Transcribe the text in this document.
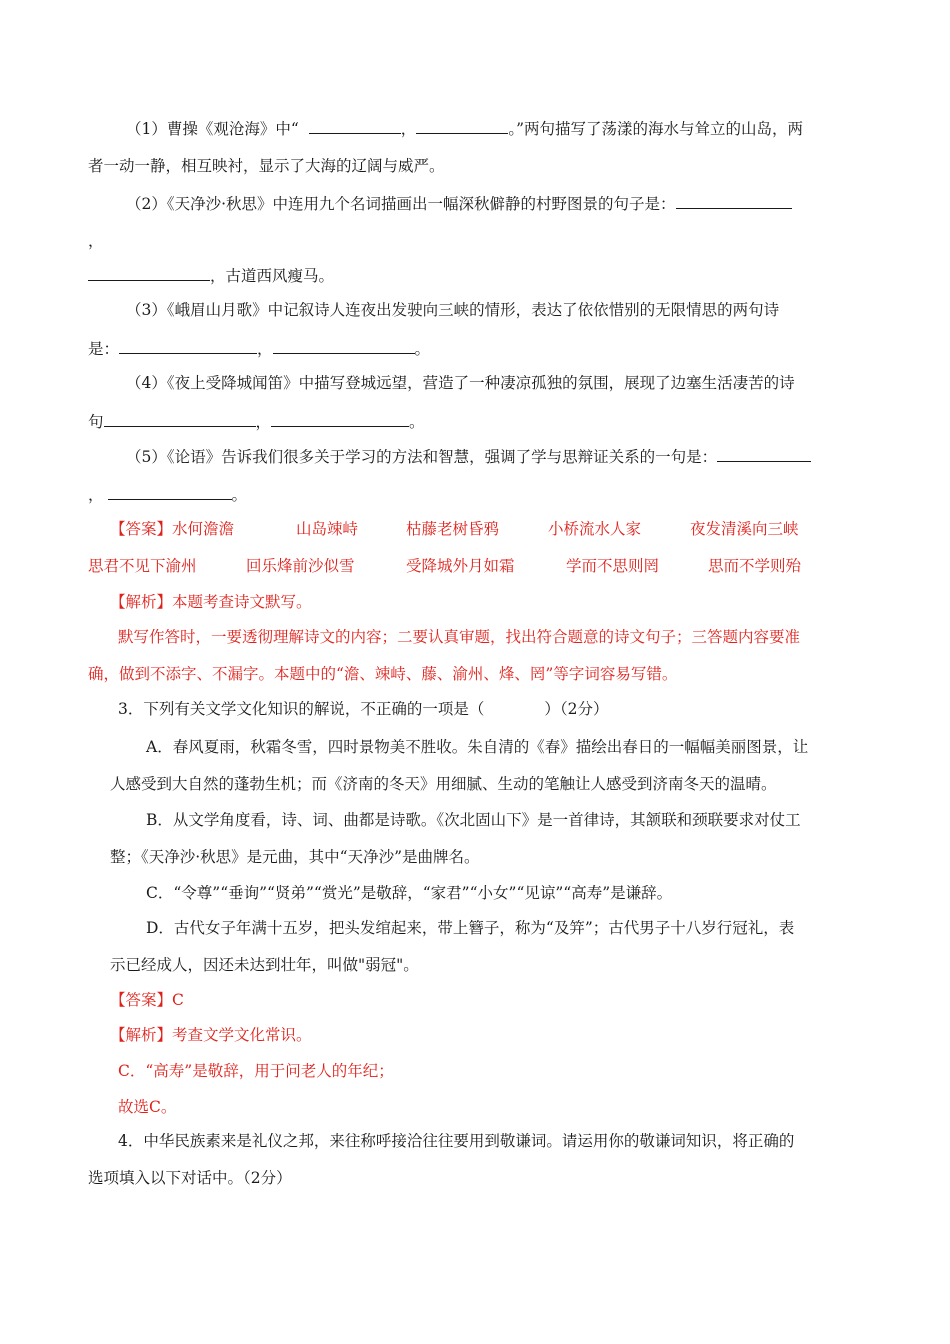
（1）曹操《观沧海》中“	，	。”两句描写了荡漾的海水与耸立的山岛，两
者一动一静，相互映衬，显示了大海的辽阔与威严。
（2）《天净沙·秋思》中连用九个名词描画出一幅深秋僻静的村野图景的句子是：
，
，古道西风瘦马。
（3）《峨眉山月歌》中记叙诗人连夜出发驶向三峡的情形，表达了依依惜别的无限情思的两句诗
是：	，	。
（4）《夜上受降城闻笛》中描写登城远望，营造了一种凄凉孤独的氛围，展现了边塞生活凄苦的诗
句	，	。
（5）《论语》告诉我们很多关于学习的方法和智慧，强调了学与思辩证关系的一句是：
，	。
【答案】水何澹澹	山岛竦峙	枯藤老树昏鸦	小桥流水人家	夜发清溪向三峡
思君不见下渝州	回乐烽前沙似雪	受降城外月如霜	学而不思则罔	思而不学则殆
【解析】本题考查诗文默写。
默写作答时，一要透彻理解诗文的内容；二要认真审题，找出符合题意的诗文句子；三答题内容要准
确，做到不添字、不漏字。本题中的“澹、竦峙、藤、渝州、烽、罔”等字词容易写错。
3．下列有关文学文化知识的解说，不正确的一项是（	）（2分）
A．春风夏雨，秋霜冬雪，四时景物美不胜收。朱自清的《春》描绘出春日的一幅幅美丽图景，让
人感受到大自然的蓬勃生机；而《济南的冬天》用细腻、生动的笔触让人感受到济南冬天的温晴。
B．从文学角度看，诗、词、曲都是诗歌。《次北固山下》是一首律诗，其颔联和颈联要求对仗工
整；《天净沙·秋思》是元曲，其中“天净沙”是曲牌名。
C．“令尊”“垂询”“贤弟”“赏光”是敬辞，“家君”“小女”“见谅”“高寿”是谦辞。
D．古代女子年满十五岁，把头发绾起来，带上簪子，称为“及笄”；古代男子十八岁行冠礼，表
示已经成人，因还未达到壮年，叫做"弱冠"。
【答案】C
【解析】考查文学文化常识。
C．“高寿”是敬辞，用于问老人的年纪；
故选C。
4．中华民族素来是礼仪之邦，来往称呼接洽往往要用到敬谦词。请运用你的敬谦词知识，将正确的
选项填入以下对话中。（2分）
